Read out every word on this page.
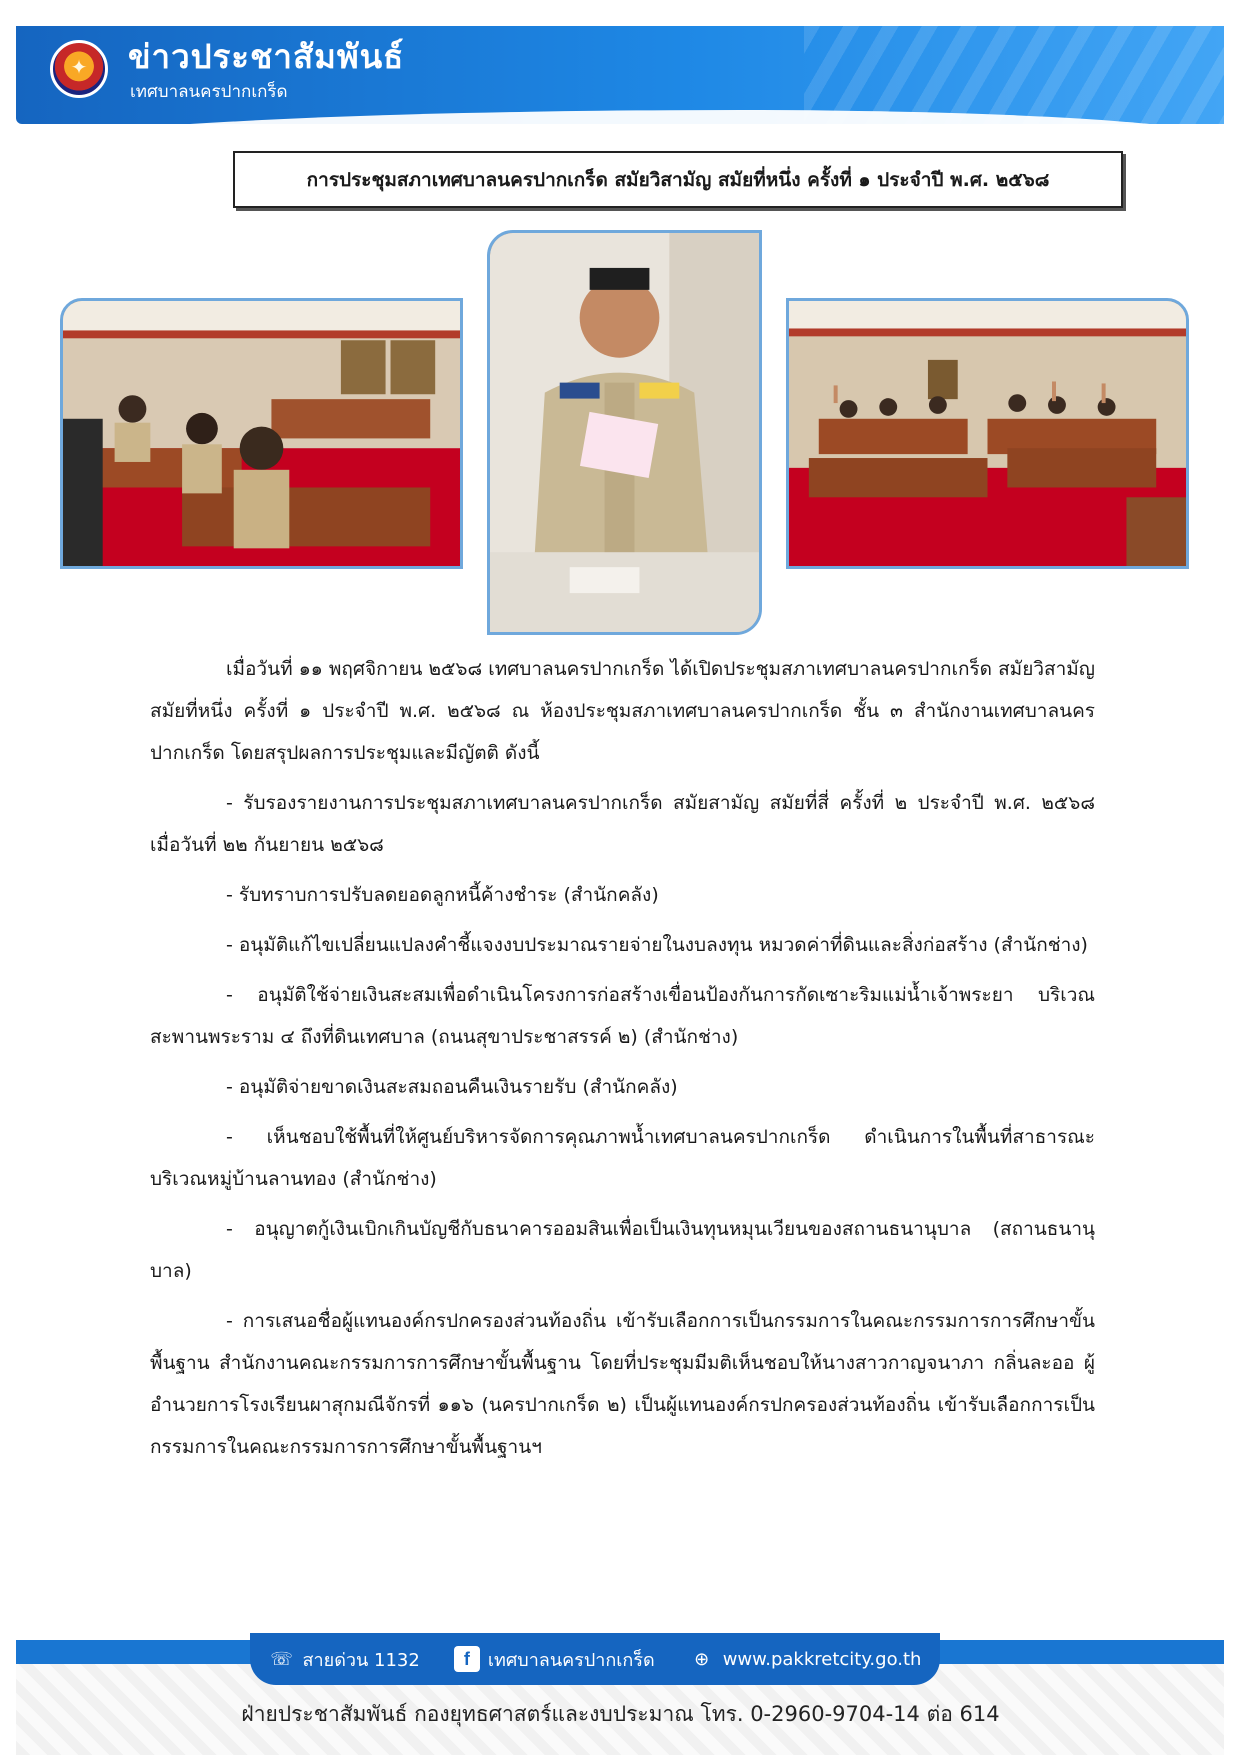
✦	ข่าวประชาสัมพันธ์
เทศบาลนครปากเกร็ด
การประชุมสภาเทศบาลนครปากเกร็ด สมัยวิสามัญ สมัยที่หนึ่ง ครั้งที่ ๑ ประจำปี พ.ศ. ๒๕๖๘

เมื่อวันที่ ๑๑ พฤศจิกายน ๒๕๖๘ เทศบาลนครปากเกร็ด ได้เปิดประชุมสภาเทศบาลนครปากเกร็ด สมัยวิสามัญ สมัยที่หนึ่ง ครั้งที่ ๑ ประจำปี พ.ศ. ๒๕๖๘ ณ ห้องประชุมสภาเทศบาลนครปากเกร็ด ชั้น ๓ สำนักงานเทศบาลนครปากเกร็ด โดยสรุปผลการประชุมและมีญัตติ ดังนี้

- รับรองรายงานการประชุมสภาเทศบาลนครปากเกร็ด สมัยสามัญ สมัยที่สี่ ครั้งที่ ๒ ประจำปี พ.ศ. ๒๕๖๘ เมื่อวันที่ ๒๒ กันยายน ๒๕๖๘

- รับทราบการปรับลดยอดลูกหนี้ค้างชำระ (สำนักคลัง)

- อนุมัติแก้ไขเปลี่ยนแปลงคำชี้แจงงบประมาณรายจ่ายในงบลงทุน หมวดค่าที่ดินและสิ่งก่อสร้าง (สำนักช่าง)

- อนุมัติใช้จ่ายเงินสะสมเพื่อดำเนินโครงการก่อสร้างเขื่อนป้องกันการกัดเซาะริมแม่น้ำเจ้าพระยา บริเวณสะพานพระราม ๔ ถึงที่ดินเทศบาล (ถนนสุขาประชาสรรค์ ๒) (สำนักช่าง)

- อนุมัติจ่ายขาดเงินสะสมถอนคืนเงินรายรับ (สำนักคลัง)

- เห็นชอบใช้พื้นที่ให้ศูนย์บริหารจัดการคุณภาพน้ำเทศบาลนครปากเกร็ด ดำเนินการในพื้นที่สาธารณะ บริเวณหมู่บ้านลานทอง (สำนักช่าง)

- อนุญาตกู้เงินเบิกเกินบัญชีกับธนาคารออมสินเพื่อเป็นเงินทุนหมุนเวียนของสถานธนานุบาล (สถานธนานุบาล)

- การเสนอชื่อผู้แทนองค์กรปกครองส่วนท้องถิ่น เข้ารับเลือกการเป็นกรรมการในคณะกรรมการการศึกษาขั้นพื้นฐาน สำนักงานคณะกรรมการการศึกษาขั้นพื้นฐาน โดยที่ประชุมมีมติเห็นชอบให้นางสาวกาญจนาภา กลิ่นละออ ผู้อำนวยการโรงเรียนผาสุกมณีจักรที่ ๑๑๖ (นครปากเกร็ด ๒) เป็นผู้แทนองค์กรปกครองส่วนท้องถิ่น เข้ารับเลือกการเป็นกรรมการในคณะกรรมการการศึกษาขั้นพื้นฐานฯ

☏ สายด่วน 1132	f	เทศบาลนครปากเกร็ด	⊕ www.pakkretcity.go.th
ฝ่ายประชาสัมพันธ์ กองยุทธศาสตร์และงบประมาณ โทร. 0-2960-9704-14 ต่อ 614
